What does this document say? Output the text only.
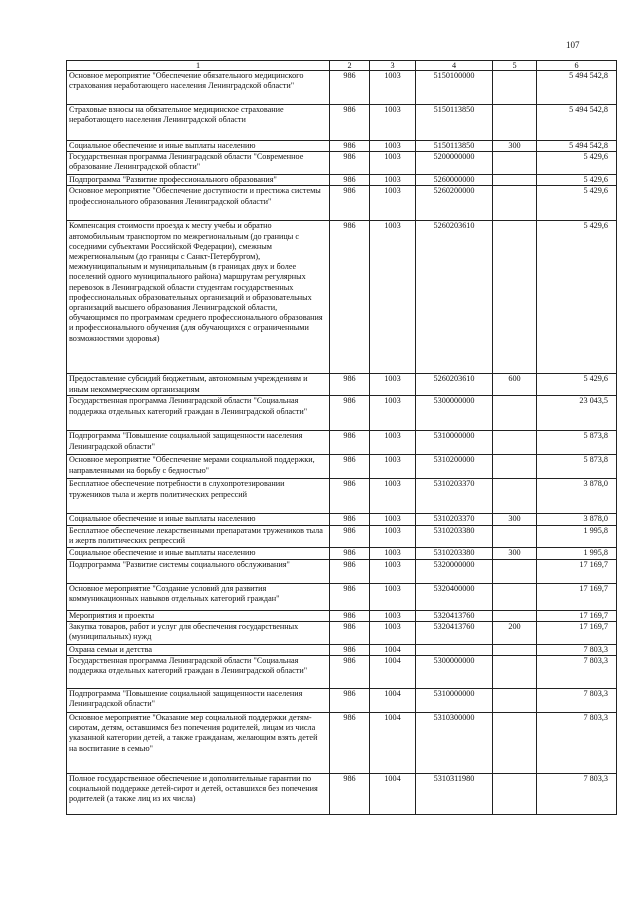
107
1	2	3	4	5	6
Основное мероприятие "Обеспечение обязательного медицинского страхования неработающего населения Ленинградской области"	986	1003	5150100000		5 494 542,8
Страховые взносы на обязательное медицинское страхование неработающего населения Ленинградской области	986	1003	5150113850		5 494 542,8
Социальное обеспечение и иные выплаты населению	986	1003	5150113850	300	5 494 542,8
Государственная программа Ленинградской области "Современное образование Ленинградской области"	986	1003	5200000000		5 429,6
Подпрограмма "Развитие профессионального образования"	986	1003	5260000000		5 429,6
Основное мероприятие "Обеспечение доступности и престижа системы профессионального образования Ленинградской области"	986	1003	5260200000		5 429,6
Компенсация стоимости проезда к месту учебы и обратно автомобильным транспортом по межрегиональным (до границы с соседними субъектами Российской Федерации), смежным межрегиональным (до границы с Санкт-Петербургом), межмуниципальным и муниципальным (в границах двух и более поселений одного муниципального района) маршрутам регулярных перевозок в Ленинградской области студентам государственных профессиональных образовательных организаций и образовательных организаций высшего образования Ленинградской области, обучающимся по программам среднего профессионального образования и профессионального обучения (для обучающихся с ограниченными возможностями здоровья)	986	1003	5260203610		5 429,6
Предоставление субсидий бюджетным, автономным учреждениям и иным некоммерческим организациям	986	1003	5260203610	600	5 429,6
Государственная программа Ленинградской области "Социальная поддержка отдельных категорий граждан в Ленинградской области"	986	1003	5300000000		23 043,5
Подпрограмма "Повышение социальной защищенности населения Ленинградской области"	986	1003	5310000000		5 873,8
Основное мероприятие "Обеспечение мерами социальной поддержки, направленными на борьбу с бедностью"	986	1003	5310200000		5 873,8
Бесплатное обеспечение потребности в слухопротезировании тружеников тыла и жертв политических репрессий	986	1003	5310203370		3 878,0
Социальное обеспечение и иные выплаты населению	986	1003	5310203370	300	3 878,0
Бесплатное обеспечение лекарственными препаратами тружеников тыла и жертв политических репрессий	986	1003	5310203380		1 995,8
Социальное обеспечение и иные выплаты населению	986	1003	5310203380	300	1 995,8
Подпрограмма "Развитие системы социального обслуживания"	986	1003	5320000000		17 169,7
Основное мероприятие "Создание условий для развития коммуникационных навыков отдельных категорий граждан"	986	1003	5320400000		17 169,7
Мероприятия и проекты	986	1003	5320413760		17 169,7
Закупка товаров, работ и услуг для обеспечения государственных (муниципальных) нужд	986	1003	5320413760	200	17 169,7
Охрана семьи и детства	986	1004			7 803,3
Государственная программа Ленинградской области "Социальная поддержка отдельных категорий граждан в Ленинградской области"	986	1004	5300000000		7 803,3
Подпрограмма "Повышение социальной защищенности населения Ленинградской области"	986	1004	5310000000		7 803,3
Основное мероприятие "Оказание мер социальной поддержки детям-сиротам, детям, оставшимся без попечения родителей, лицам из числа указанной категории детей, а также гражданам, желающим взять детей на воспитание в семью"	986	1004	5310300000		7 803,3
Полное государственное обеспечение и дополнительные гарантии по социальной поддержке детей-сирот и детей, оставшихся без попечения родителей (а также лиц из их числа)	986	1004	5310311980		7 803,3
